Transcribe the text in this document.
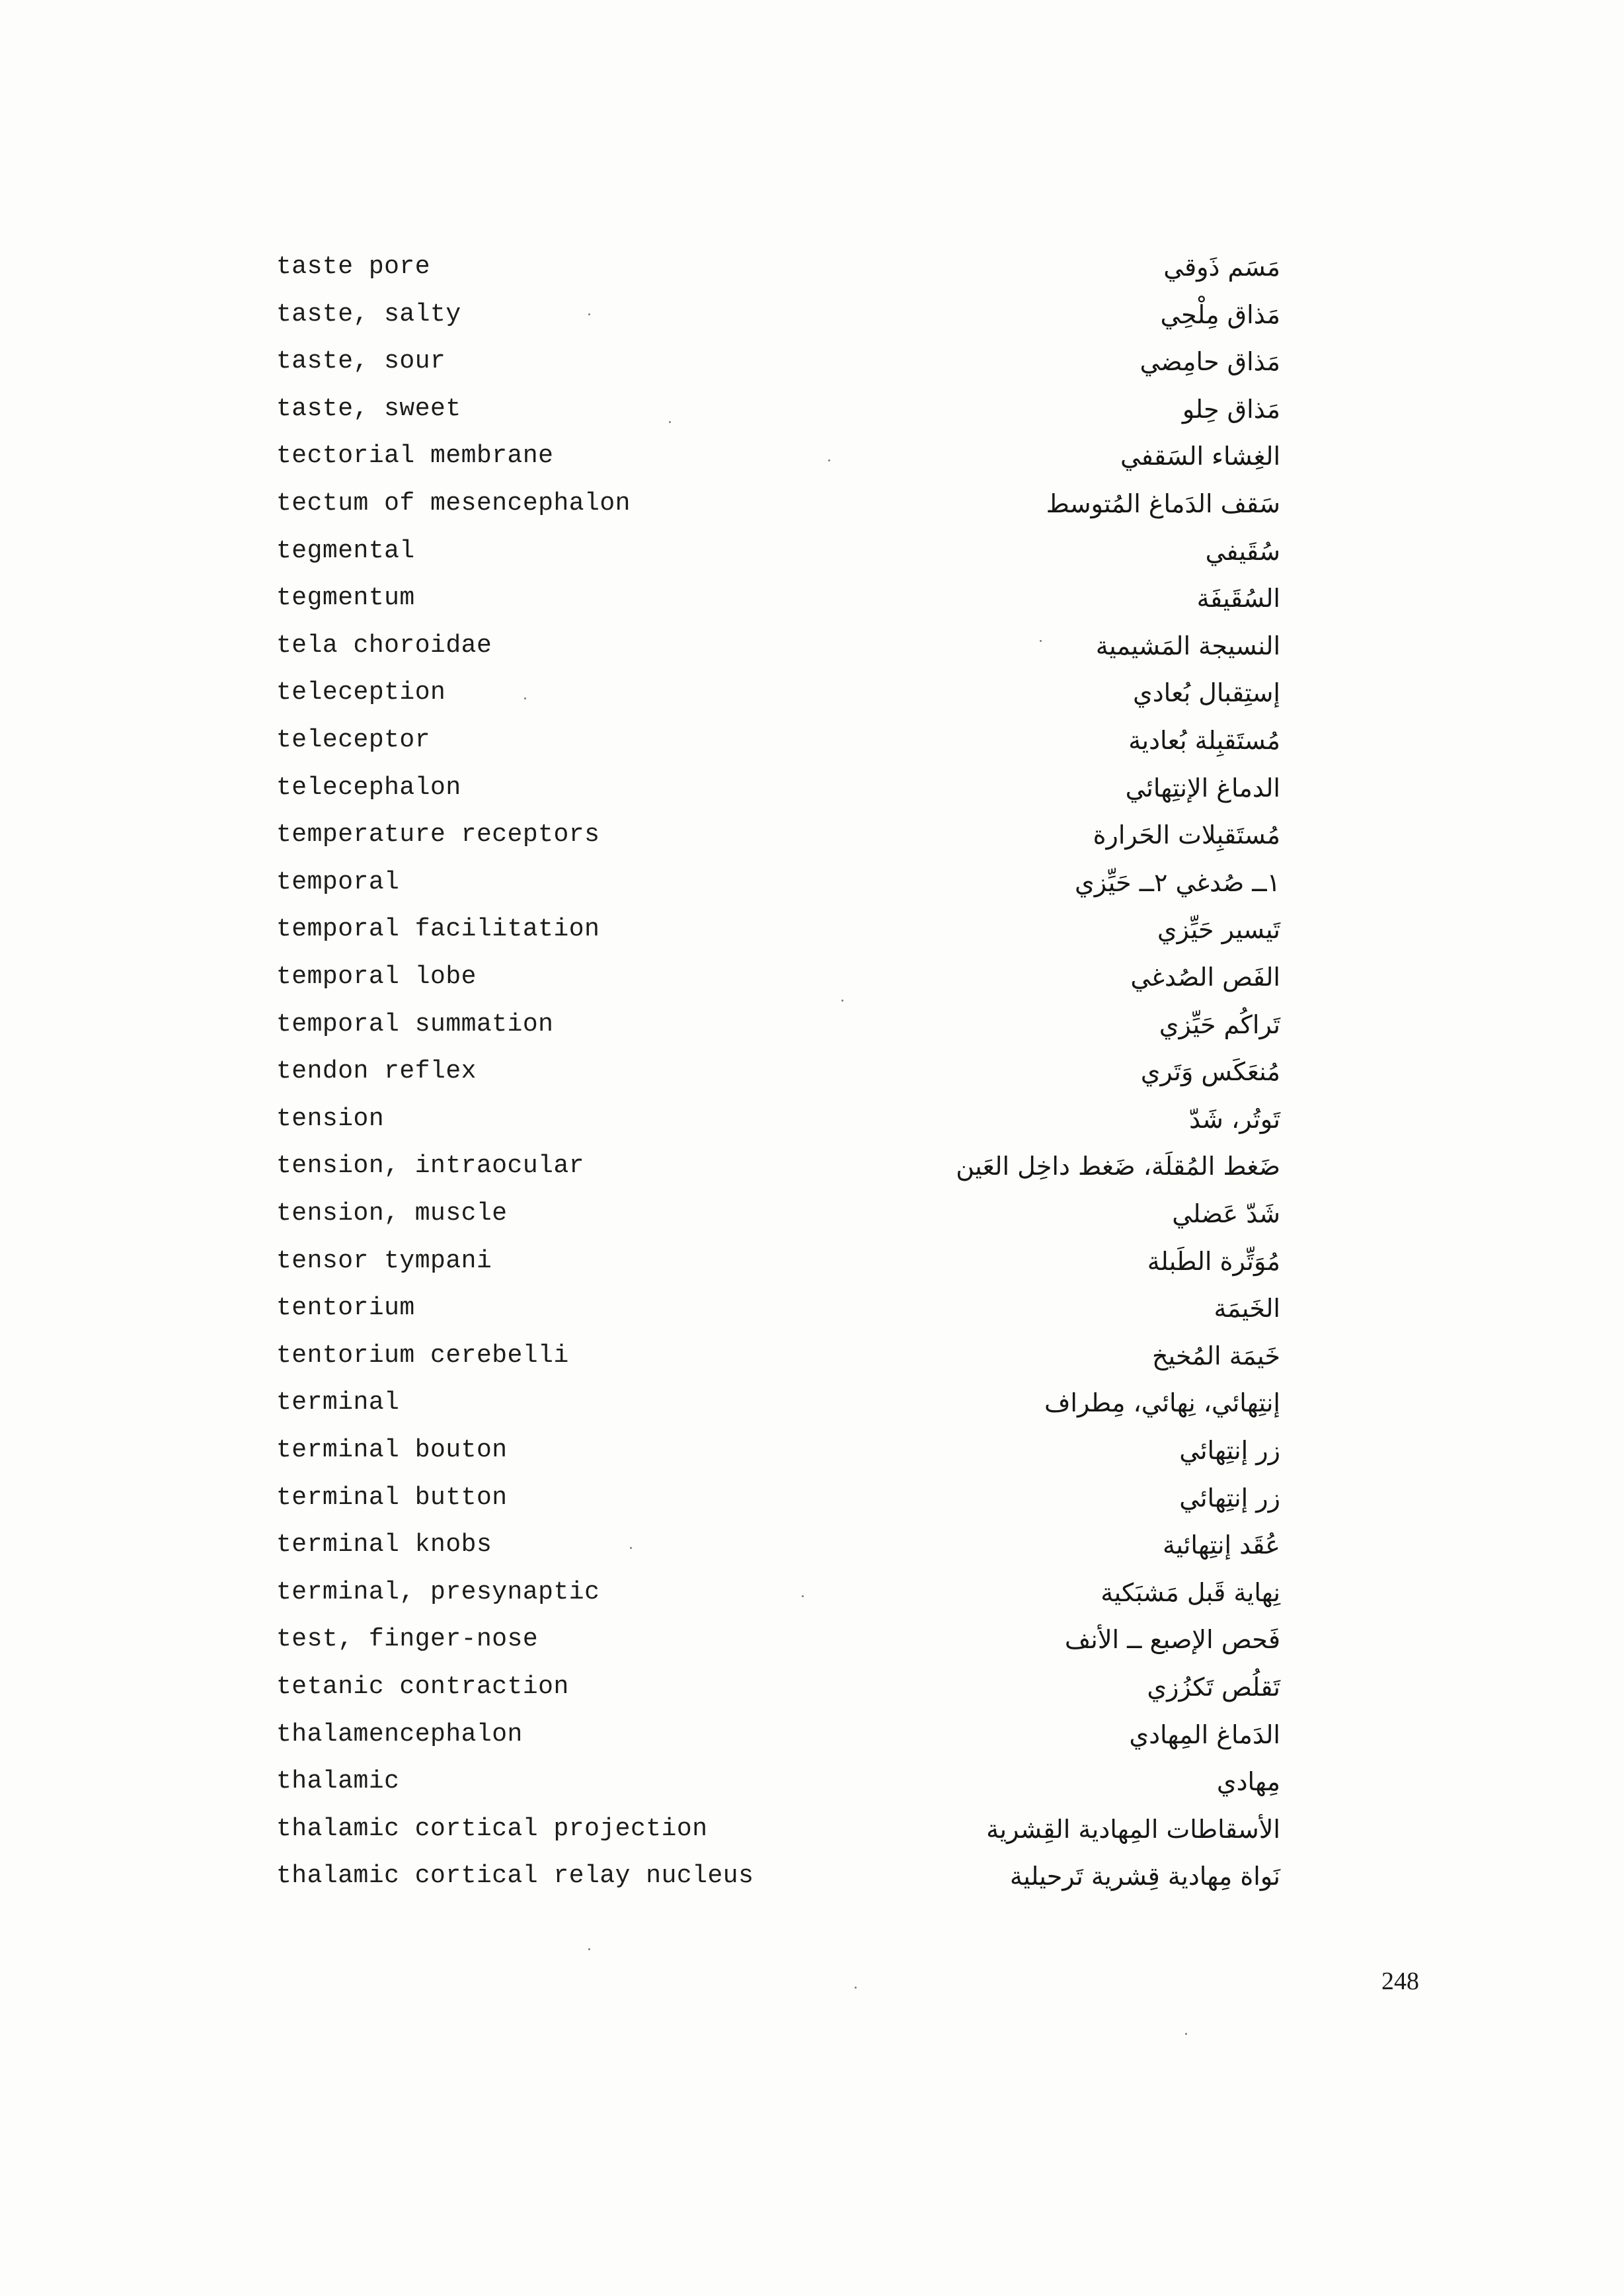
taste pore	مَسَم ذَوقي
taste, salty	مَذاق مِلْحِي
taste, sour	مَذاق حامِضي
taste, sweet	مَذاق حِلو
tectorial membrane	الغِشاء السَقفي
tectum of mesencephalon	سَقف الدَماغ المُتوسط
tegmental	سُقَيفي
tegmentum	السُقَيفَة
tela choroidae	النسيجة المَشيمية
teleception	إستِقبال بُعادي
teleceptor	مُستَقبِلة بُعادية
telecephalon	الدماغ الإنتِهائي
temperature receptors	مُستَقبِلات الحَرارة
temporal	١ــ صُدغي ٢ــ حَيِّزي
temporal facilitation	تَيسير حَيِّزي
temporal lobe	الفَص الصُدغي
temporal summation	تَراكُم حَيِّزي
tendon reflex	مُنعَكَس وَتَري
tension	تَوتُر، شَدّ
tension, intraocular	ضَغط المُقلَة، ضَغط داخِل العَين
tension, muscle	شَدّ عَضلي
tensor tympani	مُوَتِّرة الطَبلة
tentorium	الخَيمَة
tentorium cerebelli	خَيمَة المُخيخ
terminal	إنتِهائي، نِهائي، مِطراف
terminal bouton	زر إنتِهائي
terminal button	زر إنتِهائي
terminal knobs	عُقَد إنتِهائية
terminal, presynaptic	نِهاية قَبل مَشبَكية
test, finger-nose	فَحص الإصبع ــ الأنف
tetanic contraction	تَقلُص تَكزُزي
thalamencephalon	الدَماغ المِهادي
thalamic	مِهادي
thalamic cortical projection	الأسقاطات المِهادية القِشرية
thalamic cortical relay nucleus	نَواة مِهادية قِشرية تَرحيلية
248
